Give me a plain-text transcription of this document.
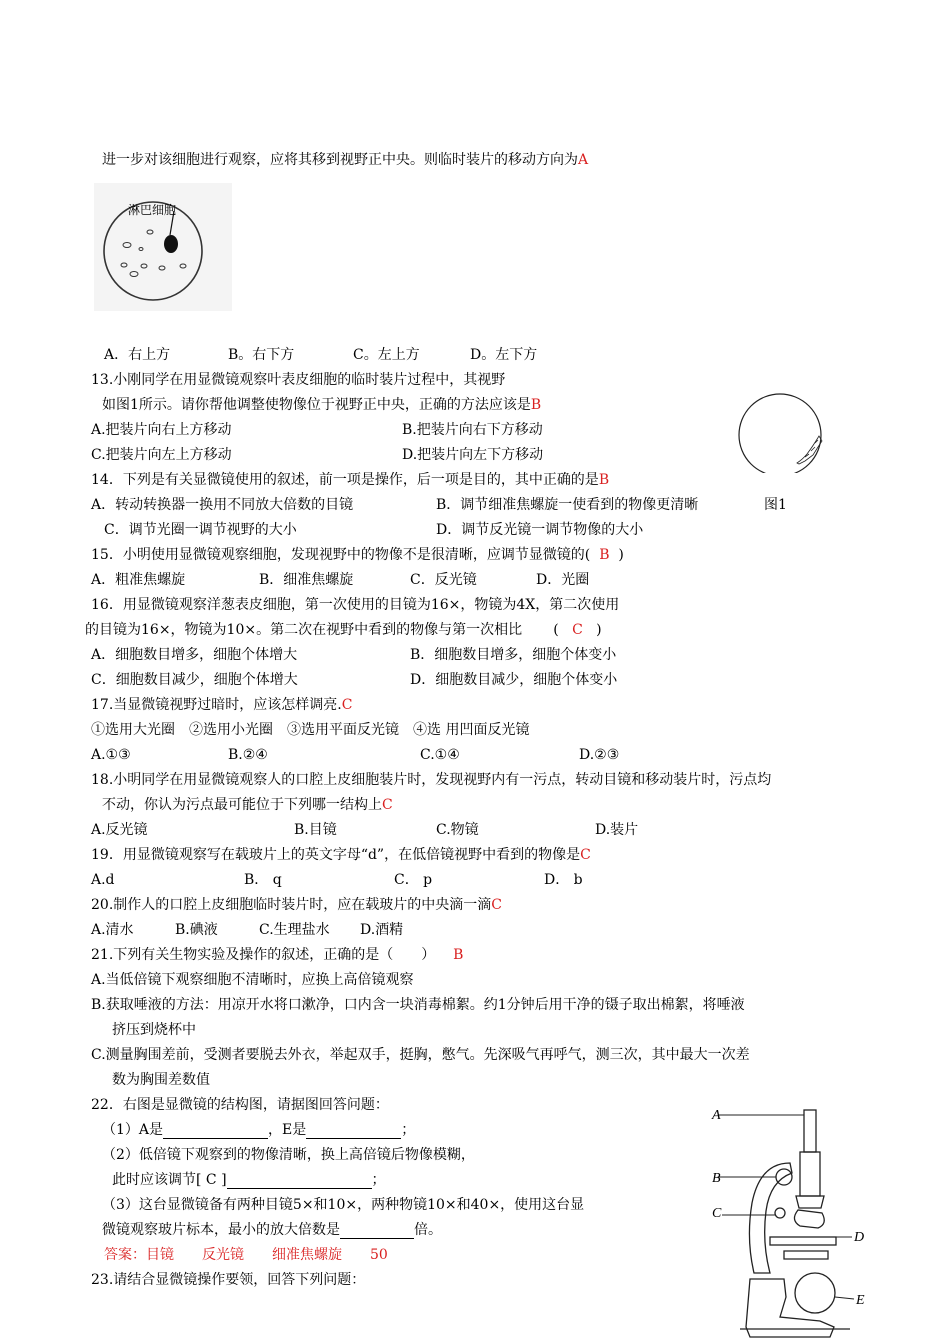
进一步对该细胞进行观察，应将其移到视野正中央。则临时装片的移动方向为A
淋巴细胞
A．右上方	B。右下方	C。左上方	D。左下方
13.小刚同学在用显微镜观察叶表皮细胞的临时装片过程中，其视野
如图1所示。请你帮他调整使物像位于视野正中央，正确的方法应该是B
A.把装片向右上方移动	B.把装片向右下方移动
C.把装片向左上方移动	D.把装片向左下方移动
图1
14．下列是有关显微镜使用的叙述，前一项是操作，后一项是目的，其中正确的是B
A．转动转换器一换用不同放大倍数的目镜	B．调节细准焦螺旋一使看到的物像更清晰
C．调节光圈一调节视野的大小	D．调节反光镜一调节物像的大小
15．小明使用显微镜观察细胞，发现视野中的物像不是很清晰，应调节显微镜的( B )
A．粗准焦螺旋	B．细准焦螺旋	C．反光镜	D．光圈
16．用显微镜观察洋葱表皮细胞，第一次使用的目镜为16×，物镜为4X，第二次使用
的目镜为16×，物镜为10×。第二次在视野中看到的物像与第一次相比 ( C )
A．细胞数目增多，细胞个体增大	B．细胞数目增多，细胞个体变小
C．细胞数目减少，细胞个体增大	D．细胞数目减少，细胞个体变小
17.当显微镜视野过暗时，应该怎样调亮.C
①选用大光圈　②选用小光圈　③选用平面反光镜　④选 用凹面反光镜
A.①③	B.②④	C.①④	D.②③
18.小明同学在用显微镜观察人的口腔上皮细胞装片时，发现视野内有一污点，转动目镜和移动装片时，污点均
不动，你认为污点最可能位于下列哪一结构上C
A.反光镜	B.目镜	C.物镜	D.装片
19．用显微镜观察写在载玻片上的英文字母“d”，在低倍镜视野中看到的物像是C
A.d	B． q	C． p	D． b
20.制作人的口腔上皮细胞临时装片时，应在载玻片的中央滴一滴C
A.清水	B.碘液	C.生理盐水 D.酒精
21.下列有关生物实验及操作的叙述，正确的是（　　） B
A.当低倍镜下观察细胞不清晰时，应换上高倍镜观察
B.获取唾液的方法：用凉开水将口漱净，口内含一块消毒棉絮。约1分钟后用干净的镊子取出棉絮，将唾液
挤压到烧杯中
C.测量胸围差前，受测者要脱去外衣，举起双手，挺胸，憋气。先深吸气再呼气，测三次，其中最大一次差
数为胸围差数值
22．右图是显微镜的结构图，请据图回答问题：
（1）A是	，E是	；
（2）低倍镜下观察到的物像清晰，换上高倍镜后物像模糊，
此时应该调节[ C ]	；
（3）这台显微镜备有两种目镜5×和10×，两种物镜10×和40×，使用这台显
微镜观察玻片标本，最小的放大倍数是	倍。
答案：目镜　　反光镜　　细准焦螺旋　　50
A
B
C
D
E
23.请结合显微镜操作要领，回答下列问题：
